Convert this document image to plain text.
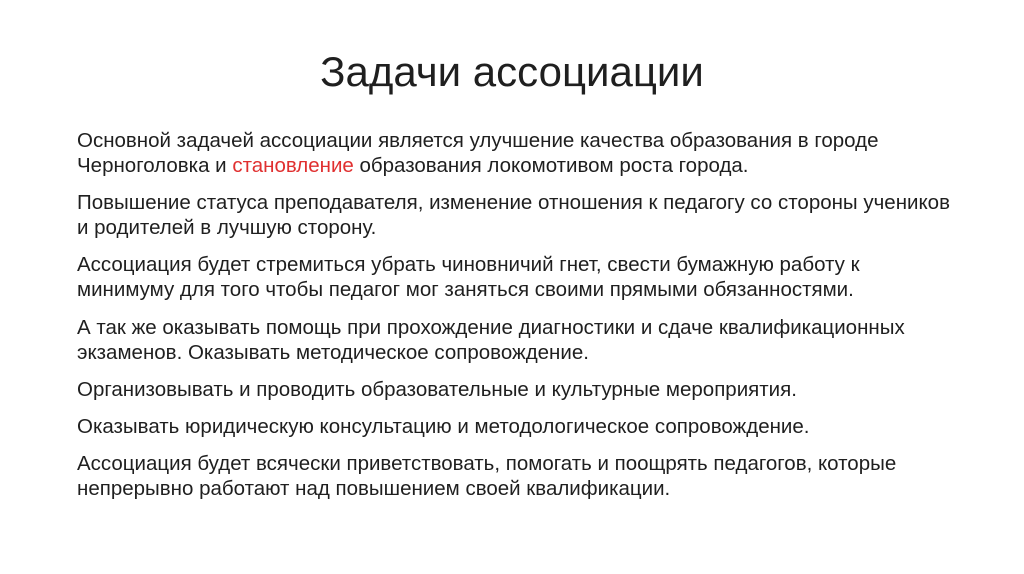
Задачи ассоциации

Основной задачей ассоциации является улучшение качества образования в городе Черноголовка и становление образования локомотивом роста города.

Повышение статуса преподавателя, изменение отношения к педагогу со стороны учеников и родителей в лучшую сторону.

Ассоциация будет стремиться убрать чиновничий гнет, свести бумажную работу к минимуму для того чтобы педагог мог заняться своими прямыми обязанностями.

А так же оказывать помощь при прохождение диагностики и сдаче квалификационных экзаменов. Оказывать методическое сопровождение.

Организовывать и проводить образовательные и культурные мероприятия.

Оказывать юридическую консультацию и методологическое сопровождение.

Ассоциация будет всячески приветствовать, помогать и поощрять педагогов, которые непрерывно работают над повышением своей квалификации.
